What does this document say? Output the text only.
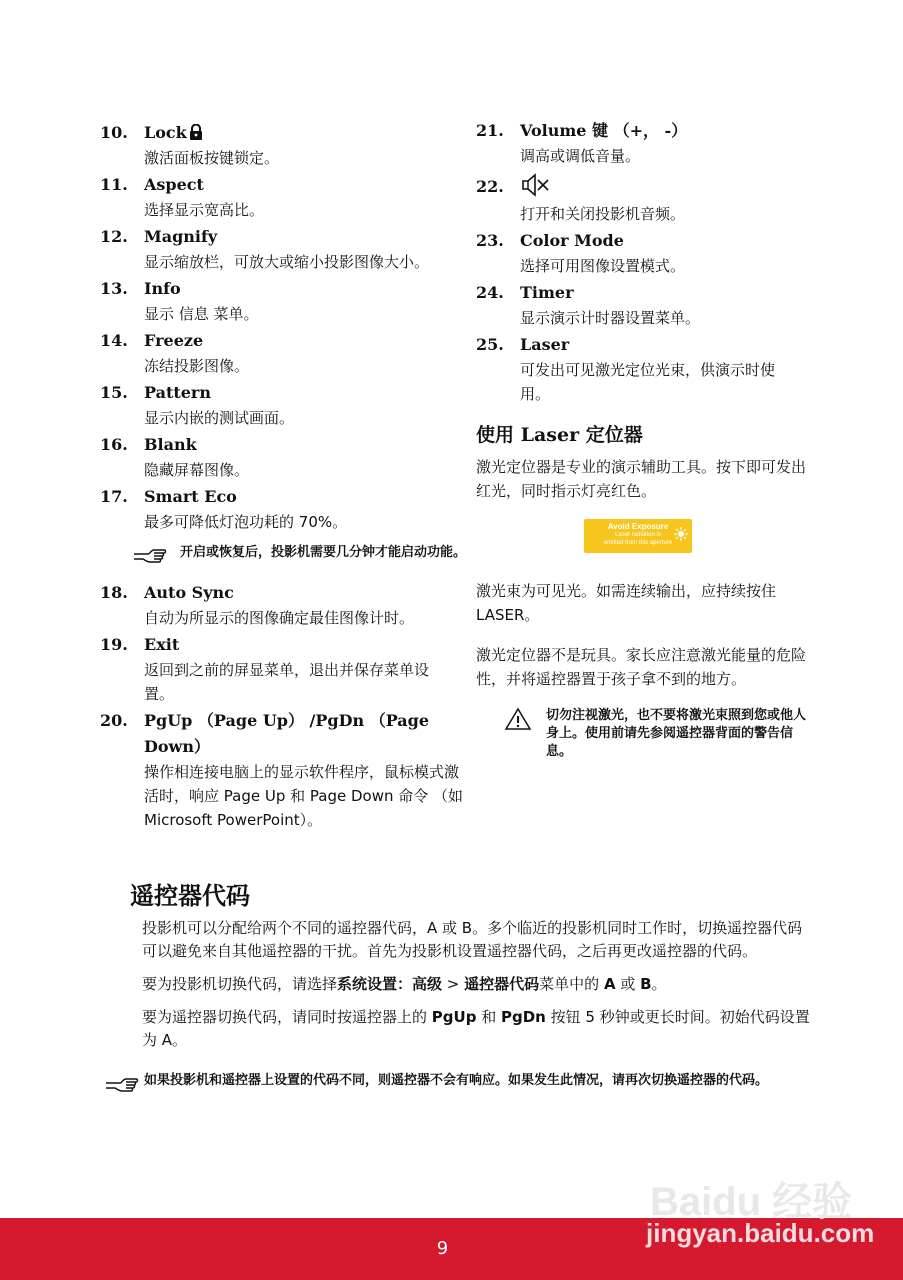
10. Lock
激活面板按键锁定。
11. Aspect
选择显示宽高比。
12. Magnify
显示缩放栏，可放大或缩小投影图像大小。
13. Info
显示 信息 菜单。
14. Freeze
冻结投影图像。
15. Pattern
显示内嵌的测试画面。
16. Blank
隐藏屏幕图像。
17. Smart Eco
最多可降低灯泡功耗的 70%。
开启或恢复后，投影机需要几分钟才能启动功能。
18. Auto Sync
自动为所显示的图像确定最佳图像计时。
19. Exit
返回到之前的屏显菜单，退出并保存菜单设置。
20. PgUp （Page Up） /PgDn （Page Down）
操作相连接电脑上的显示软件程序，鼠标模式激活时，响应 Page Up 和 Page Down 命令 （如 Microsoft PowerPoint）。
21. Volume 键 （+， -）
调高或调低音量。
22.
打开和关闭投影机音频。
23. Color Mode
选择可用图像设置模式。
24. Timer
显示演示计时器设置菜单。
25. Laser
可发出可见激光定位光束，供演示时使用。
使用 Laser 定位器
激光定位器是专业的演示辅助工具。按下即可发出红光，同时指示灯亮红色。
Avoid Exposure
Laser radiation is
emitted from this aperture
激光束为可见光。如需连续输出，应持续按住 LASER。
激光定位器不是玩具。家长应注意激光能量的危险性，并将遥控器置于孩子拿不到的地方。
切勿注视激光，也不要将激光束照到您或他人身上。使用前请先参阅遥控器背面的警告信息。
遥控器代码
投影机可以分配给两个不同的遥控器代码，A 或 B。多个临近的投影机同时工作时，切换遥控器代码可以避免来自其他遥控器的干扰。首先为投影机设置遥控器代码，之后再更改遥控器的代码。
要为投影机切换代码，请选择系统设置：高级 > 遥控器代码菜单中的 A 或 B。
要为遥控器切换代码，请同时按遥控器上的 PgUp 和 PgDn 按钮 5 秒钟或更长时间。初始代码设置为 A。
如果投影机和遥控器上设置的代码不同，则遥控器不会有响应。如果发生此情况，请再次切换遥控器的代码。
9
Baidu 经验
jingyan.baidu.com
